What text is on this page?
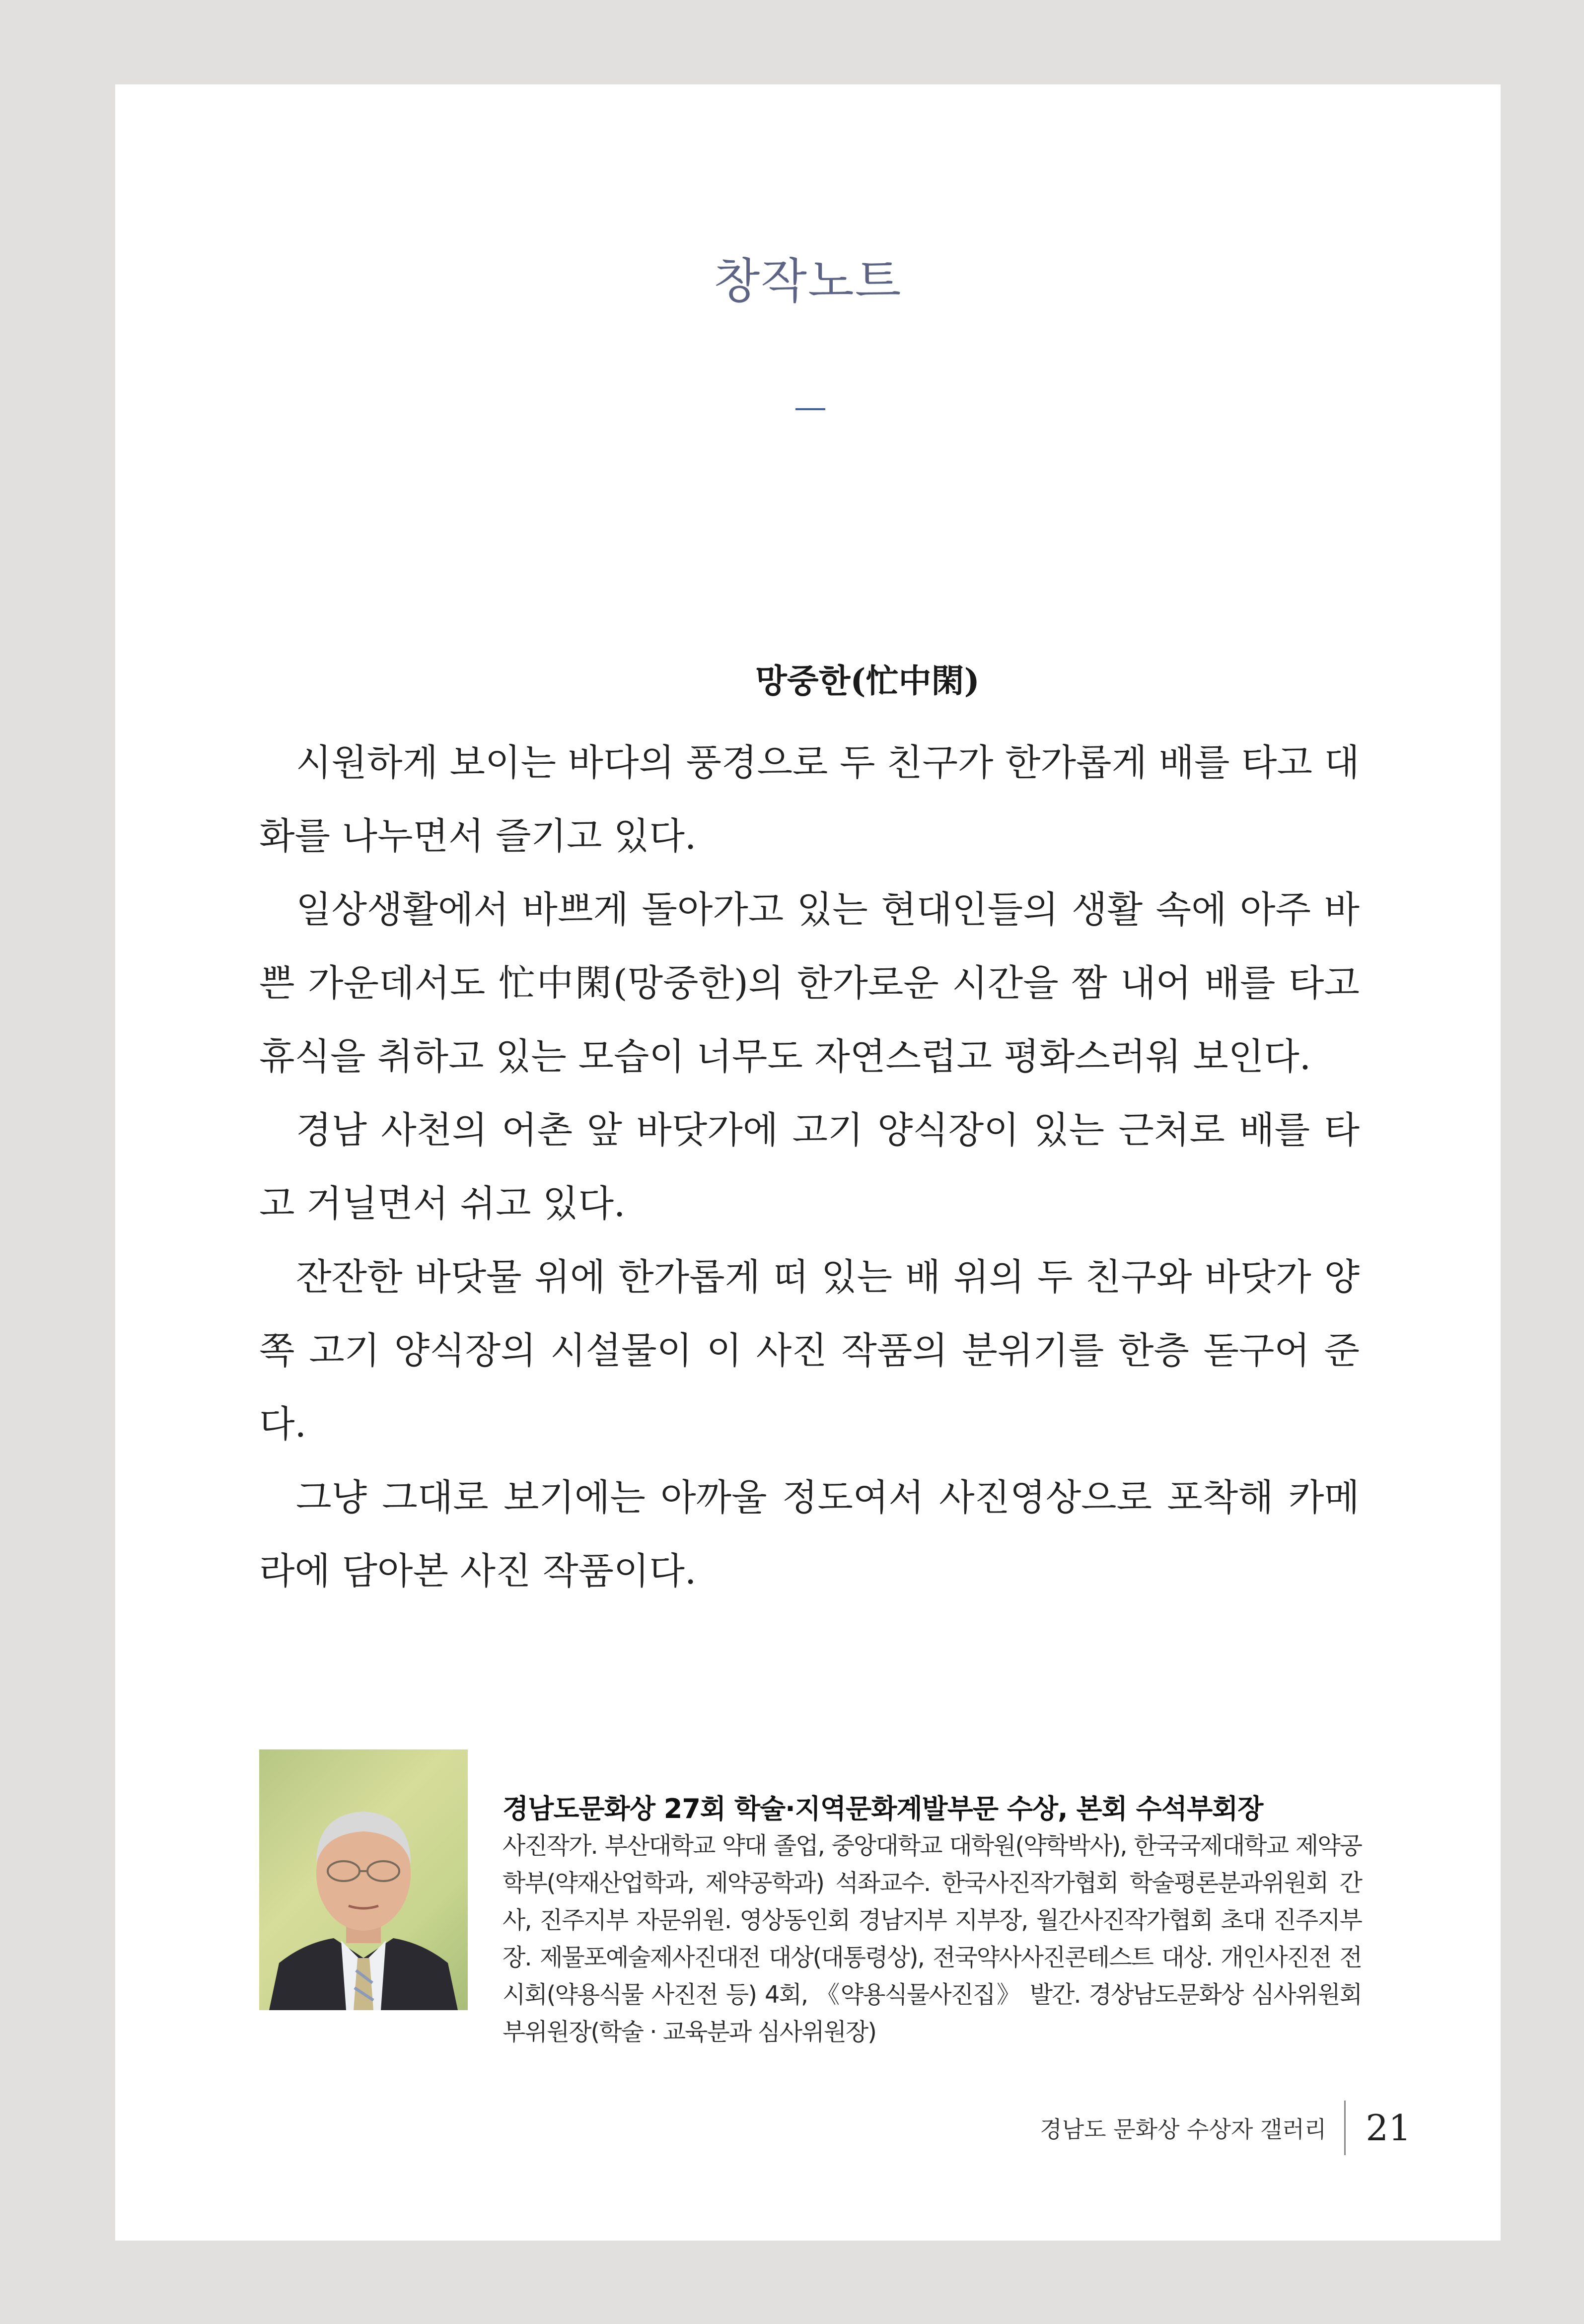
창작노트
망중한(忙中閑)

시원하게 보이는 바다의 풍경으로 두 친구가 한가롭게 배를 타고 대화를 나누면서 즐기고 있다.

일상생활에서 바쁘게 돌아가고 있는 현대인들의 생활 속에 아주 바쁜 가운데서도 忙中閑(망중한)의 한가로운 시간을 짬 내어 배를 타고 휴식을 취하고 있는 모습이 너무도 자연스럽고 평화스러워 보인다.

경남 사천의 어촌 앞 바닷가에 고기 양식장이 있는 근처로 배를 타고 거닐면서 쉬고 있다.

잔잔한 바닷물 위에 한가롭게 떠 있는 배 위의 두 친구와 바닷가 양쪽 고기 양식장의 시설물이 이 사진 작품의 분위기를 한층 돋구어 준다.

그냥 그대로 보기에는 아까울 정도여서 사진영상으로 포착해 카메라에 담아본 사진 작품이다.

경남도문화상 27회 학술·지역문화계발부문 수상, 본회 수석부회장
사진작가. 부산대학교 약대 졸업, 중앙대학교 대학원(약학박사), 한국국제대학교 제약공학부(약재산업학과, 제약공학과) 석좌교수. 한국사진작가협회 학술평론분과위원회 간사, 진주지부 자문위원. 영상동인회 경남지부 지부장, 월간사진작가협회 초대 진주지부장. 제물포예술제사진대전 대상(대통령상), 전국약사사진콘테스트 대상. 개인사진전 전시회(약용식물 사진전 등) 4회, 《약용식물사진집》 발간. 경상남도문화상 심사위원회 부위원장(학술 · 교육분과 심사위원장)
경남도 문화상 수상자 갤러리	21
